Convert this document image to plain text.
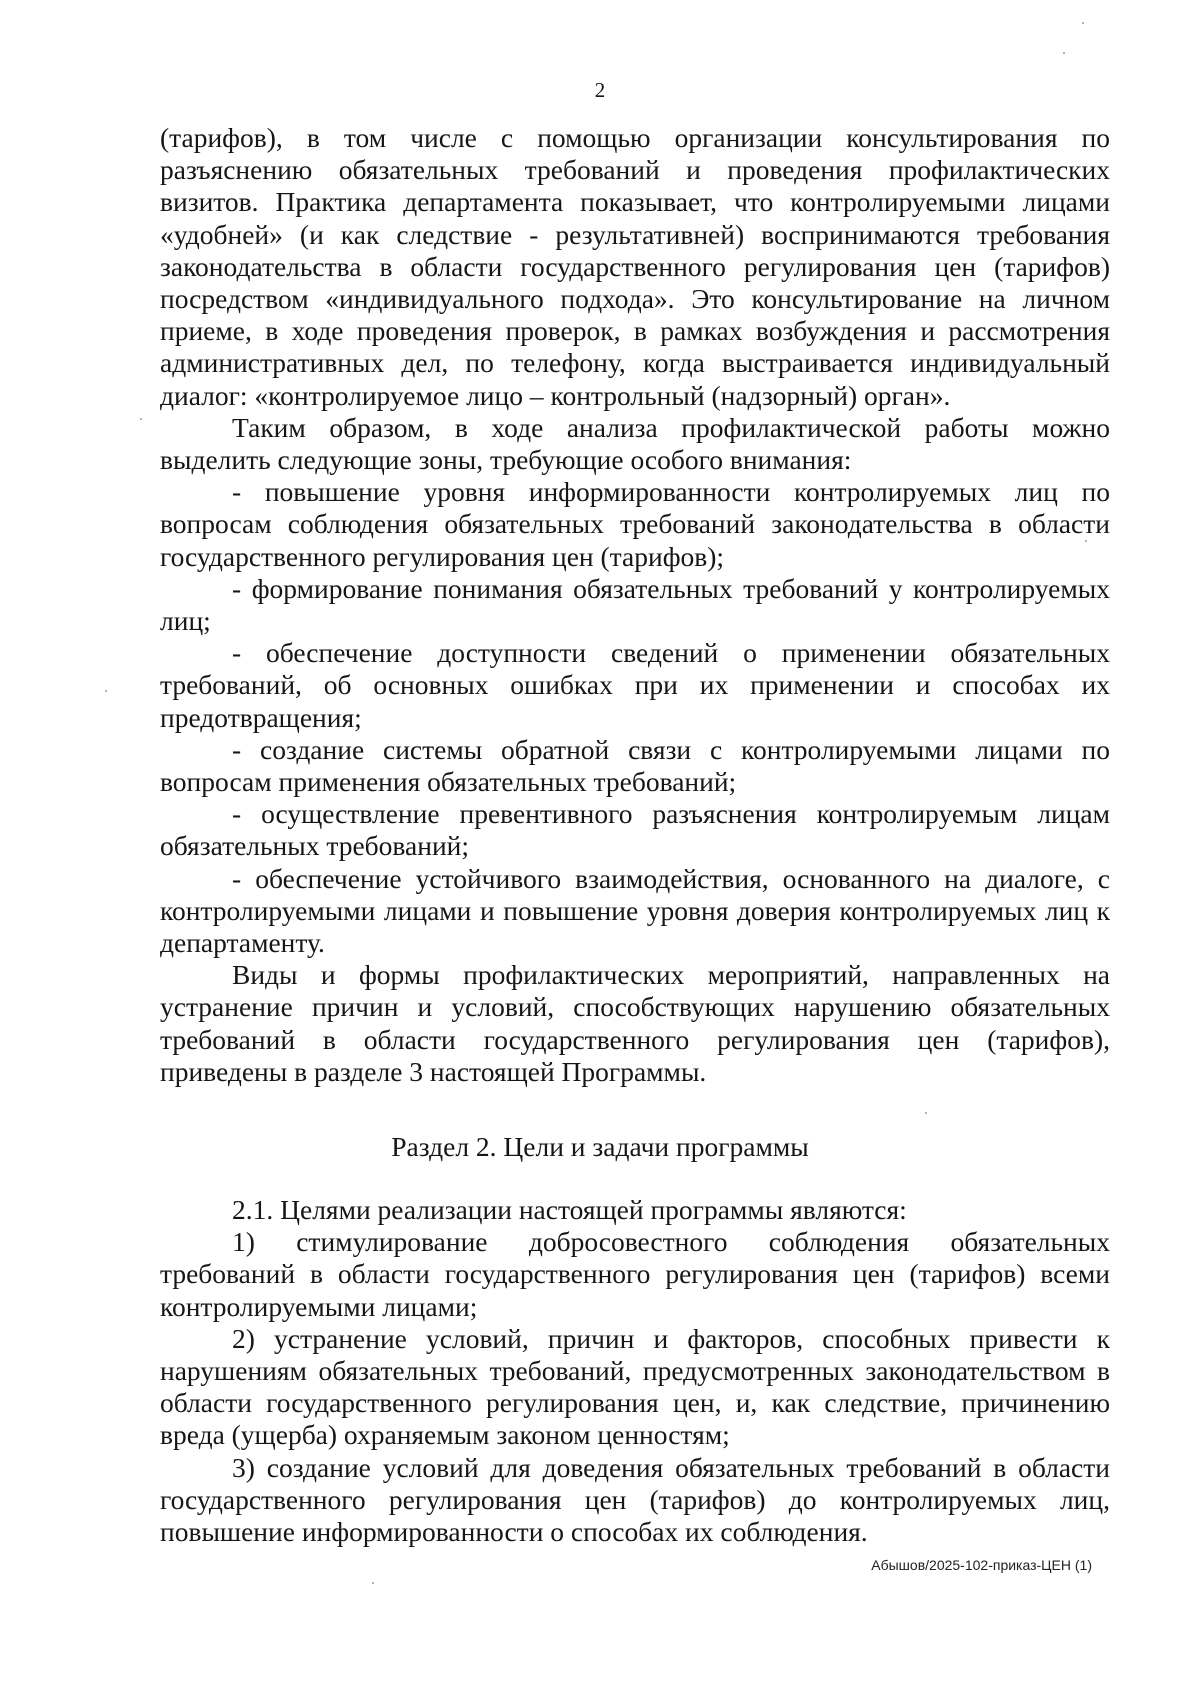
2

(тарифов), в том числе с помощью организации консультирования по разъяснению обязательных требований и проведения профилактических визитов. Практика департамента показывает, что контролируемыми лицами «удобней» (и как следствие - результативней) воспринимаются требования законодательства в области государственного регулирования цен (тарифов) посредством «индивидуального подхода». Это консультирование на личном приеме, в ходе проведения проверок, в рамках возбуждения и рассмотрения административных дел, по телефону, когда выстраивается индивидуальный диалог: «контролируемое лицо – контрольный (надзорный) орган».

Таким образом, в ходе анализа профилактической работы можно выделить следующие зоны, требующие особого внимания:

- повышение уровня информированности контролируемых лиц по вопросам соблюдения обязательных требований законодательства в области государственного регулирования цен (тарифов);

- формирование понимания обязательных требований у контролируемых лиц;

- обеспечение доступности сведений о применении обязательных требований, об основных ошибках при их применении и способах их предотвращения;

- создание системы обратной связи с контролируемыми лицами по вопросам применения обязательных требований;

- осуществление превентивного разъяснения контролируемым лицам обязательных требований;

- обеспечение устойчивого взаимодействия, основанного на диалоге, с контролируемыми лицами и повышение уровня доверия контролируемых лиц к департаменту.

Виды и формы профилактических мероприятий, направленных на устранение причин и условий, способствующих нарушению обязательных требований в области государственного регулирования цен (тарифов), приведены в разделе 3 настоящей Программы.

Раздел 2. Цели и задачи программы

2.1. Целями реализации настоящей программы являются:

1) стимулирование добросовестного соблюдения обязательных требований в области государственного регулирования цен (тарифов) всеми контролируемыми лицами;

2) устранение условий, причин и факторов, способных привести к нарушениям обязательных требований, предусмотренных законодательством в области государственного регулирования цен, и, как следствие, причинению вреда (ущерба) охраняемым законом ценностям;

3) создание условий для доведения обязательных требований в области государственного регулирования цен (тарифов) до контролируемых лиц, повышение информированности о способах их соблюдения.

Абышов/2025-102-приказ-ЦЕН (1)
